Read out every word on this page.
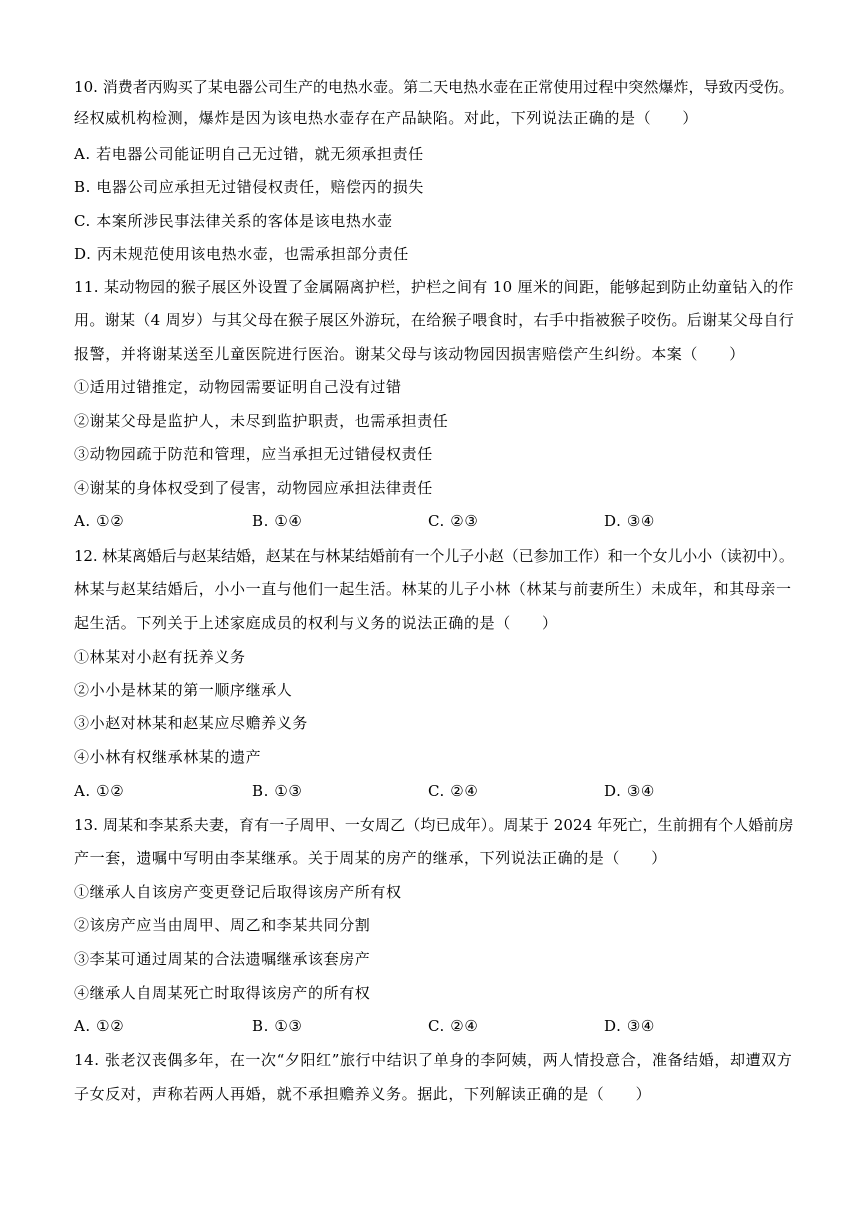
10. 消费者丙购买了某电器公司生产的电热水壶。第二天电热水壶在正常使用过程中突然爆炸，导致丙受伤。
经权威机构检测，爆炸是因为该电热水壶存在产品缺陷。对此，下列说法正确的是（　　）
A. 若电器公司能证明自己无过错，就无须承担责任
B. 电器公司应承担无过错侵权责任，赔偿丙的损失
C. 本案所涉民事法律关系的客体是该电热水壶
D. 丙未规范使用该电热水壶，也需承担部分责任
11. 某动物园的猴子展区外设置了金属隔离护栏，护栏之间有 10 厘米的间距，能够起到防止幼童钻入的作
用。谢某（4 周岁）与其父母在猴子展区外游玩，在给猴子喂食时，右手中指被猴子咬伤。后谢某父母自行
报警，并将谢某送至儿童医院进行医治。谢某父母与该动物园因损害赔偿产生纠纷。本案（　　）
①适用过错推定，动物园需要证明自己没有过错
②谢某父母是监护人，未尽到监护职责，也需承担责任
③动物园疏于防范和管理，应当承担无过错侵权责任
④谢某的身体权受到了侵害，动物园应承担法律责任
A. ①②	B. ①④	C. ②③	D. ③④
12. 林某离婚后与赵某结婚，赵某在与林某结婚前有一个儿子小赵（已参加工作）和一个女儿小小（读初中）。
林某与赵某结婚后，小小一直与他们一起生活。林某的儿子小林（林某与前妻所生）未成年，和其母亲一
起生活。下列关于上述家庭成员的权利与义务的说法正确的是（　　）
①林某对小赵有抚养义务
②小小是林某的第一顺序继承人
③小赵对林某和赵某应尽赡养义务
④小林有权继承林某的遗产
A. ①②	B. ①③	C. ②④	D. ③④
13. 周某和李某系夫妻，育有一子周甲、一女周乙（均已成年）。周某于 2024 年死亡，生前拥有个人婚前房
产一套，遗嘱中写明由李某继承。关于周某的房产的继承，下列说法正确的是（　　）
①继承人自该房产变更登记后取得该房产所有权
②该房产应当由周甲、周乙和李某共同分割
③李某可通过周某的合法遗嘱继承该套房产
④继承人自周某死亡时取得该房产的所有权
A. ①②	B. ①③	C. ②④	D. ③④
14. 张老汉丧偶多年，在一次“夕阳红”旅行中结识了单身的李阿姨，两人情投意合，准备结婚，却遭双方
子女反对，声称若两人再婚，就不承担赡养义务。据此，下列解读正确的是（　　）
